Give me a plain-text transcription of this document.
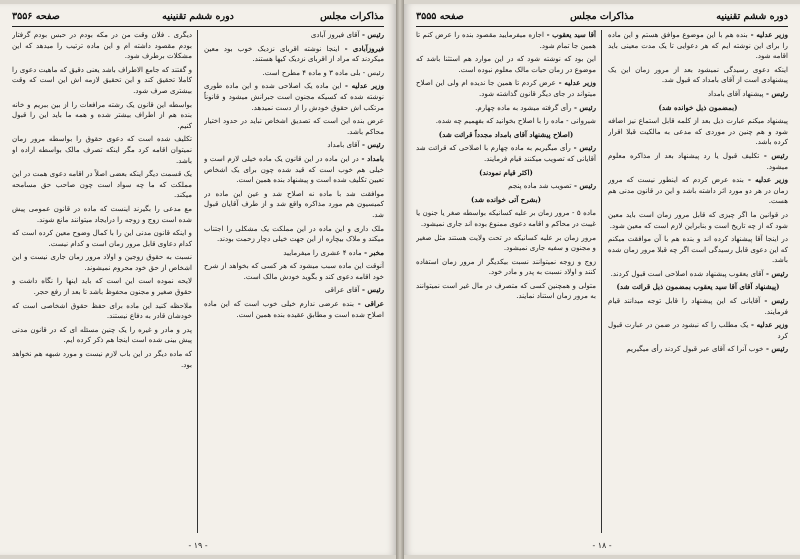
مذاکرات مجلس
دوره ششم تقنینیه
صفحه ۳۵۵۶

رئیس - آقای فیروز آبادی

فیروزآبادی - اینجا نوشته اقربای نزدیک خوب بود معین میکردند که مراد از اقربای نزدیک کیها هستند.

رئیس - بلی ماده ۳ و ماده ۴ مطرح است.

وزیر عدلیه - این ماده یک اصلاحی شده و این ماده طوری نوشته شده که کسیکه مجنون است جبرانش میشود و قانوناً مرتکب اش حقوق خودش را از دست نمیدهد.

عرض بنده این است که تصدیق اشخاص نباید در حدود اختیار محاکم باشد.

رئیس - آقای بامداد

بامداد - در این ماده در این قانون یک ماده خیلی لازم است و خیلی هم خوب است که قید شده چون برای یک اشخاص تعیین تکلیف شده است و پیشنهاد بنده همین است.

موافقت شد با ماده نه اصلاح شد و عین این ماده در کمیسیون هم مورد مذاکره واقع شد و از طرف آقایان قبول شد.

ملک داری و این ماده در این مملکت یک مشکلی را اجتناب میکند و ملاک بیچاره از این جهت خیلی دچار زحمت بودند.

مخبر - ماده ۴ عشری را میفرمایید

آنوقت این ماده سبب میشود که هر کسی که بخواهد از شرح خود اقامه دعوی کند و بگوید خودش مالک است.

رئیس - آقای عراقی

عراقی - بنده عرضی ندارم خیلی خوب است که این ماده اصلاح شده است و مطابق عقیده بنده همین است.

دیگری . فلان وقت من در مکه بودم در حبس بودم گرفتار بودم مقصود داشته ام و این ماده ترتیب را میدهد که این مشکلات برطرف شود.

و گفتند که جامع الاطراف باشد یعنی دقیق که ماهیت دعوی را کاملا تحقیق کند و این تحقیق لازمه اش این است که وقت بیشتری صرف شود.

بواسطه این قانون یک رشته مرافعات را از بین ببریم و خانه بنده هم از اطراف بیشتر شده و همه ما باید این را قبول کنیم.

تکلیف شده است که دعوی حقوق را بواسطه مرور زمان نمیتوان اقامه کرد مگر اینکه تصرف مالک بواسطه اراده او باشد.

یک قسمت دیگر اینکه بعضی اصلاً در اقامه دعوی همت در این مملکت که ما چه سواد است چون صاحب حق مسامحه میکند.

مع مدعی را بگیرند اینست که ماده در قانون عمومی پیش شده است زوج و زوجه را درایجاد میتوانند مانع شوند.

و اینکه قانون مدنی این را با کمال وضوح معین کرده است که کدام دعاوی قابل مرور زمان است و کدام نیست.

نسبت به حقوق زوجین و اولاد مرور زمان جاری نیست و این اشخاص از حق خود محروم نمیشوند.

لایحه نموده است این است که باید اینها را نگاه داشت و حقوق صغیر و مجنون محفوظ باشد تا بعد از رفع حجر.

ملاحظه کنید این ماده برای حفظ حقوق اشخاصی است که خودشان قادر به دفاع نیستند.

پدر و مادر و غیره را یک چنین مسئله ای که در قانون مدنی پیش بینی شده است اینجا هم ذکر کرده ایم.

که ماده دیگر در این باب لازم نیست و مورد شبهه هم نخواهد بود.

- ۱۹ -
دوره ششم تقنینیه
مذاکرات مجلس
صفحه ۳۵۵۵

وزیر عدلیه - بنده هم با این موضوع موافق هستم و این ماده را برای این نوشته ایم که هر دعوایی تا یک مدت معینی باید اقامه شود.

اینکه دعوی رسیدگی نمیشود بعد از مرور زمان این یک پیشنهادی است از آقای بامداد که قبول شد.

رئیس - پیشنهاد آقای بامداد

(بمضمون ذیل خوانده شد)

پیشنهاد میکنم عبارت ذیل بعد از کلمه قابل استماع نیز اضافه شود و هم چنین در موردی که مدعی به مالکیت قبلا اقرار کرده باشد.

رئیس - تکلیف قبول یا رد پیشنهاد بعد از مذاکره معلوم میشود.

وزیر عدلیه - بنده عرض کردم که اینطور نیست که مرور زمان در هر دو مورد اثر داشته باشد و این در قانون مدنی هم هست.

در قوانین ما اگر چیزی که قابل مرور زمان است باید معین شود که از چه تاریخ است و بنابراین لازم است که معین شود.

در اینجا آقا پیشنهاد کرده اند و بنده هم با آن موافقت میکنم که این دعوی قابل رسیدگی است اگر چه قبلا مرور زمان شده باشد.

رئیس - آقای یعقوب پیشنهاد شده اصلاحی است قبول کردند.

(پیشنهاد آقای آقا سید یعقوب بمضمون ذیل قرائت شد)

رئیس - آقایانی که این پیشنهاد را قابل توجه میدانند قیام فرمایند.

وزیر عدلیه - یک مطلب را که نبشود در ضمن در عبارت قبول کرد

رئیس - خوب آنرا که آقای عیر قبول کردند رأی میگیریم

آقا سید یعقوب - اجازه میفرمایید مقصود بنده را عرض کنم تا همین جا تمام شود.

این بود که نوشته شود که در این موارد هم استثنا باشد که موضوع در زمان حیات مالک معلوم نبوده است.

وزیر عدلیه - عرض کردم تا همین جا ندیده ام ولی این اصلاح میتواند در جای دیگر قانون گذاشته شود.

رئیس - رأی گرفته میشود به ماده چهارم.

شیروانی - ماده را با اصلاح بخوانید که بفهمیم چه شده.

(اصلاح پیشنهاد آقای بامداد مجدداً قرائت شد)

رئیس - رأی میگیریم به ماده چهارم با اصلاحی که قرائت شد آقایانی که تصویب میکنند قیام فرمایند.

(اکثر قیام نمودند)

رئیس - تصویب شد ماده پنجم

(بشرح آتی خوانده شد)

ماده ۵ - مرور زمان بر علیه کسانیکه بواسطه صغر یا جنون یا غیبت در محاکم و اقامه دعوی ممنوع بوده اند جاری نمیشود.

مرور زمان بر علیه کسانیکه در تحت ولایت هستند مثل صغیر و مجنون و سفیه جاری نمیشود.

زوج و زوجه نمیتوانند نسبت بیکدیگر از مرور زمان استفاده کنند و اولاد نسبت به پدر و مادر خود.

متولی و همچنین کسی که متصرف در مال غیر است نمیتوانند به مرور زمان استناد نمایند.

- ۱۸ -
